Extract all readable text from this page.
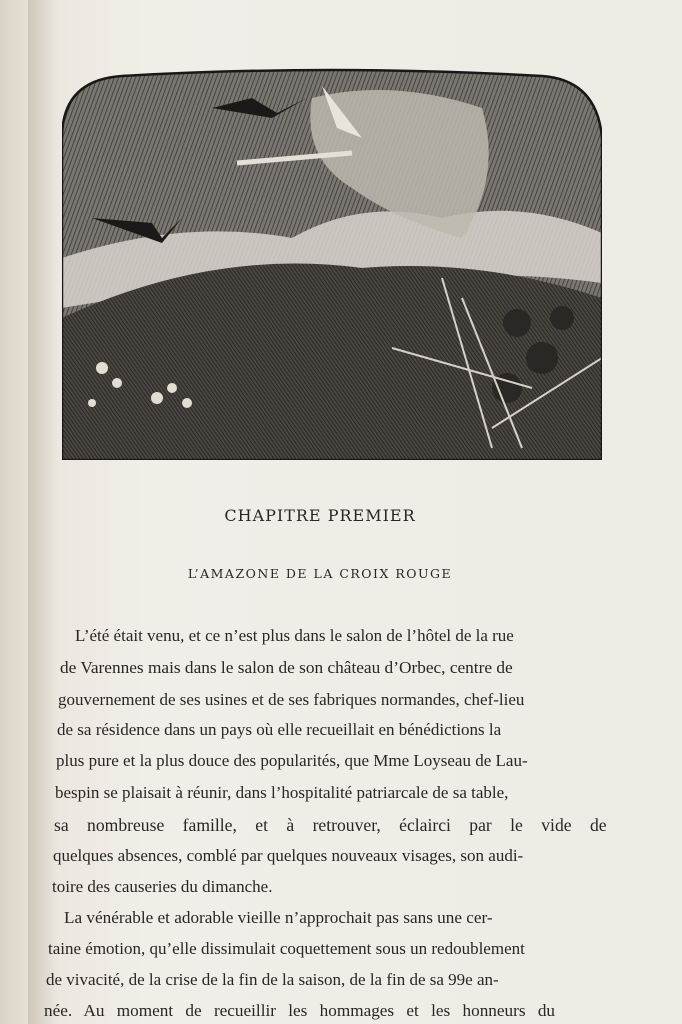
CHAPITRE PREMIER
L’AMAZONE DE LA CROIX ROUGE
L’été était venu, et ce n’est plus dans le salon de l’hôtel de la rue
de Varennes mais dans le salon de son château d’Orbec, centre de
gouvernement de ses usines et de ses fabriques normandes, chef-lieu
de sa résidence dans un pays où elle recueillait en bénédictions la
plus pure et la plus douce des popularités, que Mme Loyseau de Lau-
bespin se plaisait à réunir, dans l’hospitalité patriarcale de sa table,
sa nombreuse famille, et à retrouver, éclairci par le vide de
quelques absences, comblé par quelques nouveaux visages, son audi-
toire des causeries du dimanche.
La vénérable et adorable vieille n’approchait pas sans une cer-
taine émotion, qu’elle dissimulait coquettement sous un redoublement
de vivacité, de la crise de la fin de la saison, de la fin de sa 99e an-
née. Au moment de recueillir les hommages et les honneurs du
